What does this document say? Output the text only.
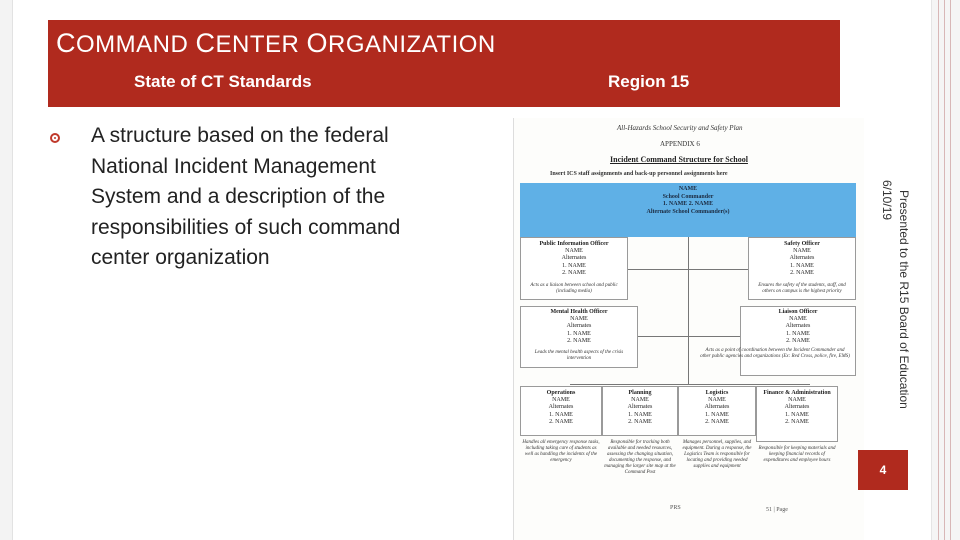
COMMAND CENTER ORGANIZATION
State of CT Standards	Region 15
A structure based on the federal National Incident Management System and a description of the responsibilities of such command center organization
All-Hazards School Security and Safety Plan
APPENDIX 6
Incident Command Structure for School
Insert ICS staff assignments and back-up personnel assignments here
NAME
School Commander
1. NAME 2. NAME
Alternate School Commander(s)
Public Information Officer
NAME
Alternates
1. NAME
2. NAME
Acts as a liaison between school and public (including media)
Safety Officer
NAME
Alternates
1. NAME
2. NAME
Ensures the safety of the students, staff, and others on campus is the highest priority
Mental Health Officer
NAME
Alternates
1. NAME
2. NAME
Leads the mental health aspects of the crisis intervention
Liaison Officer
NAME
Alternates
1. NAME
2. NAME
Acts as a point of coordination between the Incident Commander and other public agencies and organizations (Ex: Red Cross, police, fire, EMS)
Operations
NAME
Alternates
1. NAME
2. NAME
Handles all emergency response tasks, including taking care of students as well as handling the incidents of the emergency
Planning
NAME
Alternates
1. NAME
2. NAME
Responsible for tracking both available and needed resources, assessing the changing situation, documenting the response, and managing the larger site map at the Command Post
Logistics
NAME
Alternates
1. NAME
2. NAME
Manages personnel, supplies, and equipment. During a response, the Logistics Team is responsible for locating and providing needed supplies and equipment
Finance & Administration
NAME
Alternates
1. NAME
2. NAME
Responsible for keeping materials and keeping financial records of expenditures and employee hours
PRS	51 | Page
Presented to the R15 Board of Education
6/10/19
4
